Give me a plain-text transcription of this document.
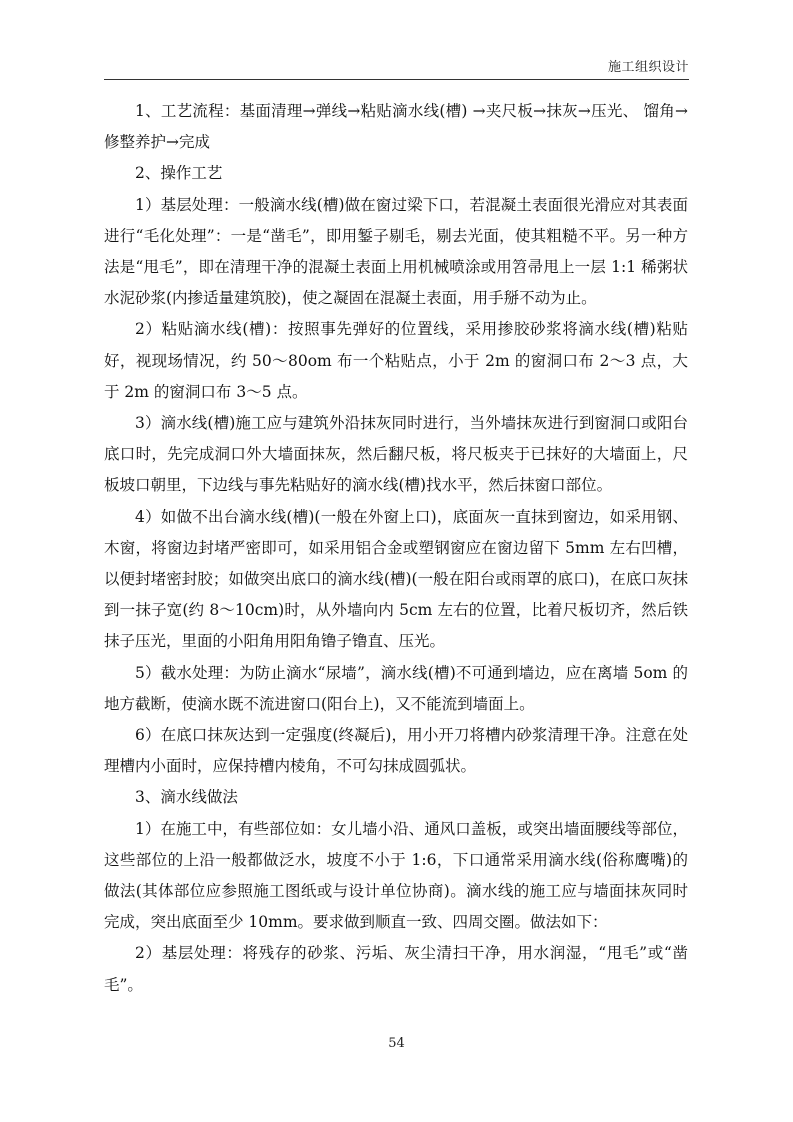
施工组织设计

1、工艺流程：基面清理→弹线→粘贴滴水线(槽) →夹尺板→抹灰→压光、 馏角→修整养护→完成

2、操作工艺

1）基层处理：一般滴水线(槽)做在窗过梁下口，若混凝土表面很光滑应对其表面进行“毛化处理”：一是“凿毛”，即用錾子剔毛，剔去光面，使其粗糙不平。另一种方法是“甩毛”，即在清理干净的混凝土表面上用机械喷涂或用笤帚甩上一层 1:1 稀粥状水泥砂浆(内掺适量建筑胶)，使之凝固在混凝土表面，用手掰不动为止。

2）粘贴滴水线(槽)：按照事先弹好的位置线，采用掺胶砂浆将滴水线(槽)粘贴好，视现场情况，约 50～80om 布一个粘贴点，小于 2m 的窗洞口布 2～3 点，大于 2m 的窗洞口布 3～5 点。

3）滴水线(槽)施工应与建筑外沿抹灰同时进行，当外墙抹灰进行到窗洞口或阳台底口时，先完成洞口外大墙面抹灰，然后翻尺板，将尺板夹于已抹好的大墙面上，尺板坡口朝里，下边线与事先粘贴好的滴水线(槽)找水平，然后抹窗口部位。

4）如做不出台滴水线(槽)(一般在外窗上口)，底面灰一直抹到窗边，如采用钢、木窗，将窗边封堵严密即可，如采用铝合金或塑钢窗应在窗边留下 5mm 左右凹槽，以便封堵密封胶；如做突出底口的滴水线(槽)(一般在阳台或雨罩的底口)，在底口灰抹到一抹子宽(约 8～10cm)时，从外墙向内 5cm 左右的位置，比着尺板切齐，然后铁抹子压光，里面的小阳角用阳角镥子镥直、压光。

5）截水处理：为防止滴水“尿墙”，滴水线(槽)不可通到墙边，应在离墙 5om 的地方截断，使滴水既不流进窗口(阳台上)，又不能流到墙面上。

6）在底口抹灰达到一定强度(终凝后)，用小开刀将槽内砂浆清理干净。注意在处理槽内小面时，应保持槽内棱角，不可勾抹成圆弧状。

3、滴水线做法

1）在施工中，有些部位如：女儿墙小沿、通风口盖板，或突出墙面腰线等部位，这些部位的上沿一般都做泛水，坡度不小于 1:6，下口通常采用滴水线(俗称鹰嘴)的做法(其体部位应参照施工图纸或与设计单位协商)。滴水线的施工应与墙面抹灰同时完成，突出底面至少 10mm。要求做到顺直一致、四周交圈。做法如下：

2）基层处理：将残存的砂浆、污垢、灰尘清扫干净，用水润湿，“甩毛”或“凿毛”。

54
